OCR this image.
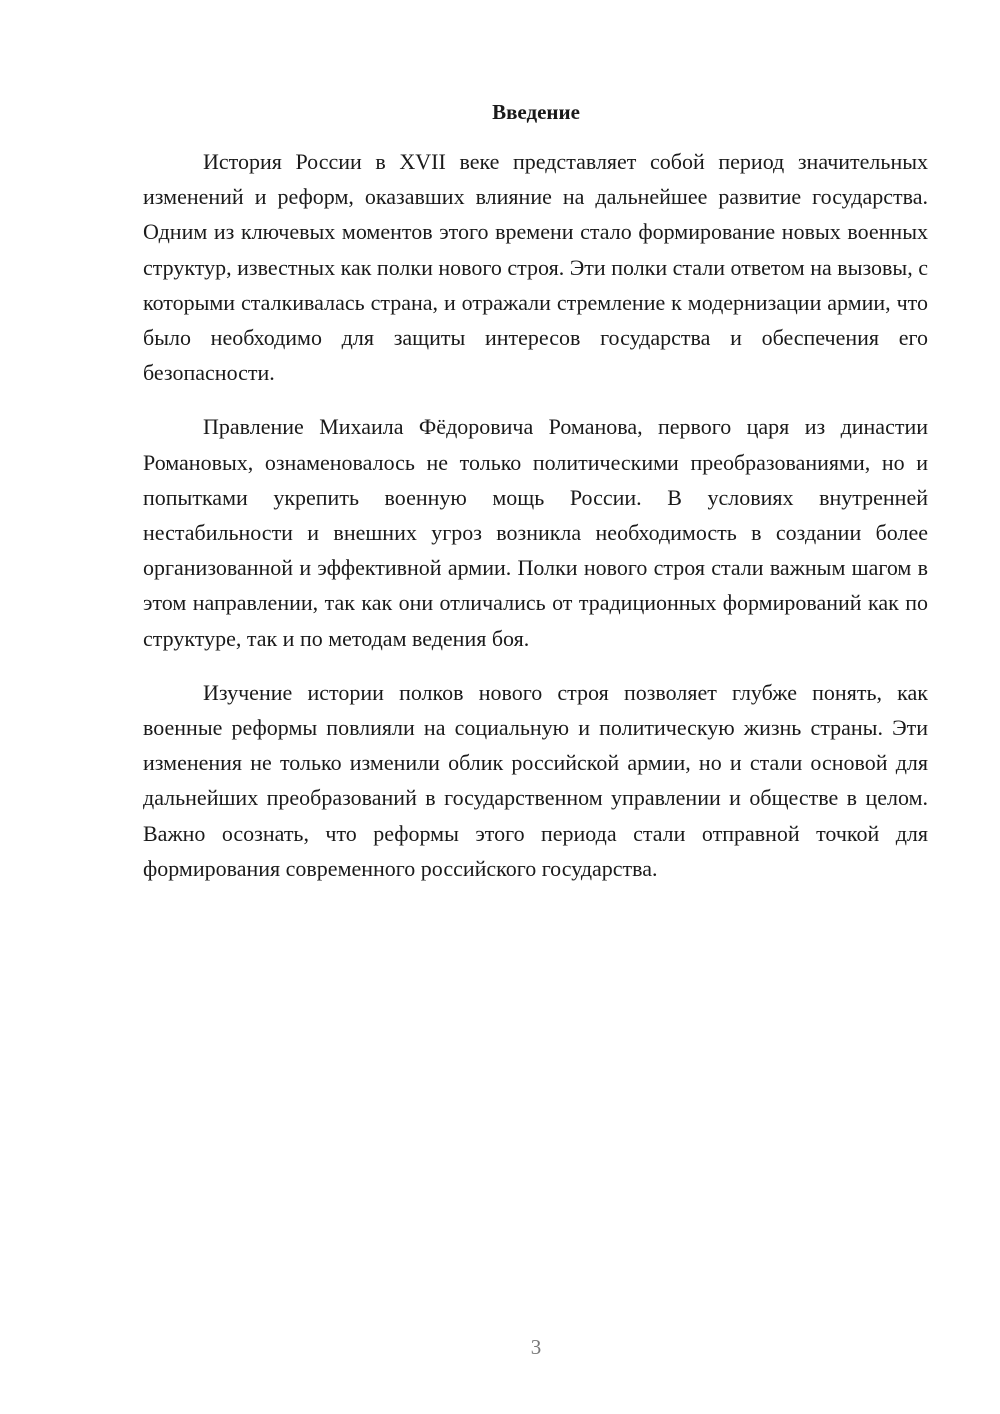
Введение

История России в XVII веке представляет собой период значительных изменений и реформ, оказавших влияние на дальнейшее развитие государства. Одним из ключевых моментов этого времени стало формирование новых военных структур, известных как полки нового строя. Эти полки стали ответом на вызовы, с которыми сталкивалась страна, и отражали стремление к модернизации армии, что было необходимо для защиты интересов государства и обеспечения его безопасности.

Правление Михаила Фёдоровича Романова, первого царя из династии Романовых, ознаменовалось не только политическими преобразованиями, но и попытками укрепить военную мощь России. В условиях внутренней нестабильности и внешних угроз возникла необходимость в создании более организованной и эффективной армии. Полки нового строя стали важным шагом в этом направлении, так как они отличались от традиционных формирований как по структуре, так и по методам ведения боя.

Изучение истории полков нового строя позволяет глубже понять, как военные реформы повлияли на социальную и политическую жизнь страны. Эти изменения не только изменили облик российской армии, но и стали основой для дальнейших преобразований в государственном управлении и обществе в целом. Важно осознать, что реформы этого периода стали отправной точкой для формирования современного российского государства.

3
